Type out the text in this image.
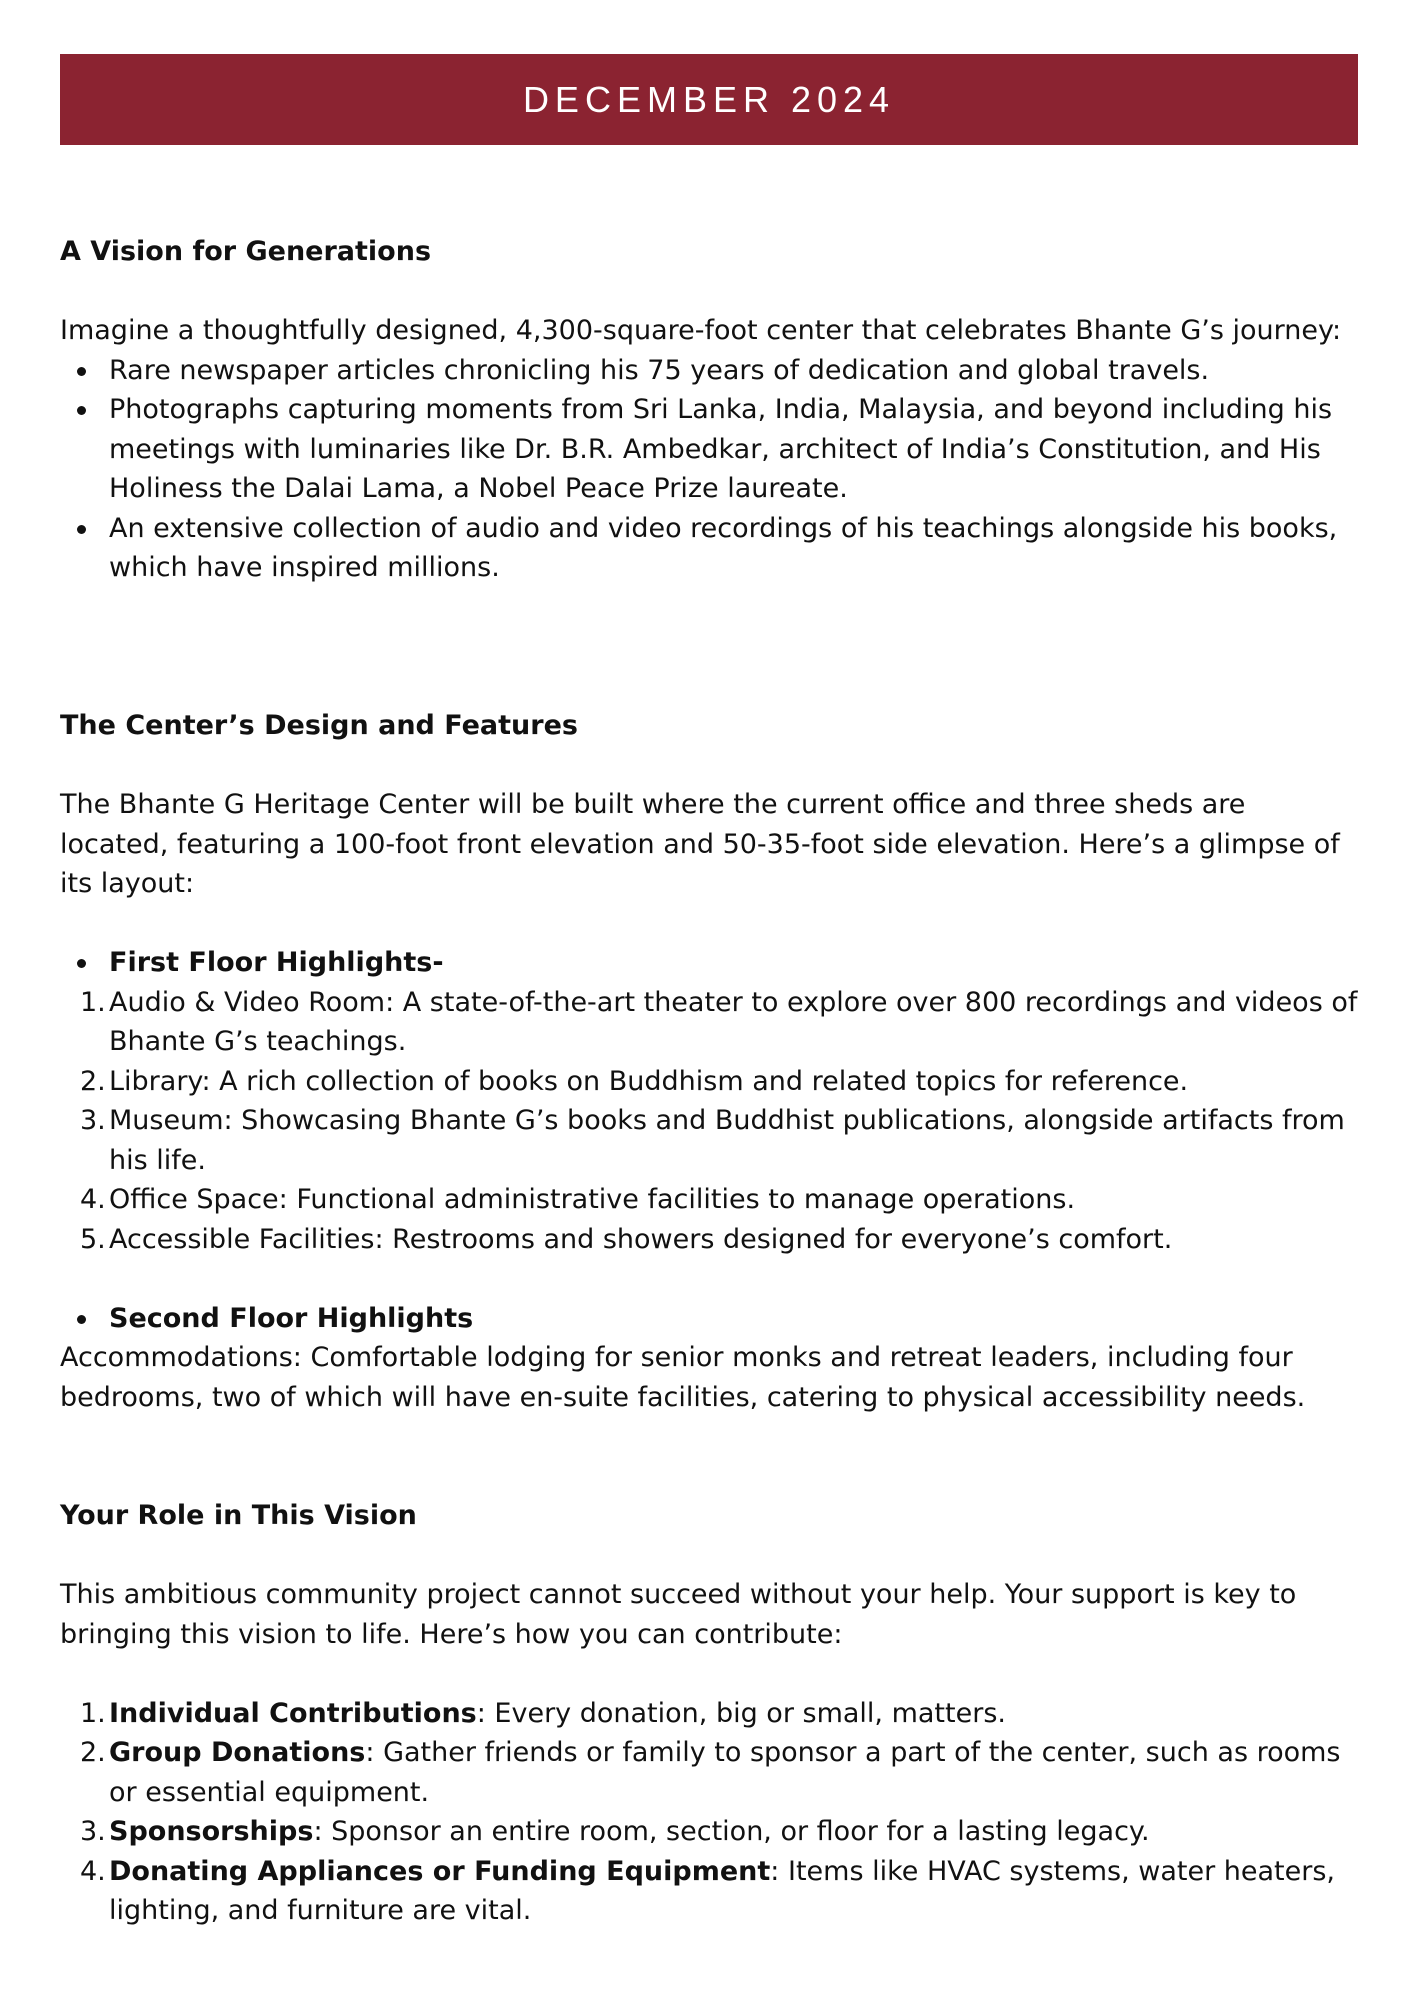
DECEMBER 2024

A Vision for Generations

Imagine a thoughtfully designed, 4,300-square-foot center that celebrates Bhante G’s journey:

Rare newspaper articles chronicling his 75 years of dedication and global travels.
Photographs capturing moments from Sri Lanka, India, Malaysia, and beyond including his meetings with luminaries like Dr. B.R. Ambedkar, architect of India’s Constitution, and His Holiness the Dalai Lama, a Nobel Peace Prize laureate.
An extensive collection of audio and video recordings of his teachings alongside his books, which have inspired millions.

The Center’s Design and Features

The Bhante G Heritage Center will be built where the current office and three sheds are located, featuring a 100-foot front elevation and 50-35-foot side elevation. Here’s a glimpse of its layout:

First Floor Highlights-
1. Audio & Video Room: A state-of-the-art theater to explore over 800 recordings and videos of Bhante G’s teachings.
2. Library: A rich collection of books on Buddhism and related topics for reference.
3. Museum: Showcasing Bhante G’s books and Buddhist publications, alongside artifacts from his life.
4. Office Space: Functional administrative facilities to manage operations.
5. Accessible Facilities: Restrooms and showers designed for everyone’s comfort.
Second Floor Highlights

Accommodations: Comfortable lodging for senior monks and retreat leaders, including four bedrooms, two of which will have en-suite facilities, catering to physical accessibility needs.

Your Role in This Vision

This ambitious community project cannot succeed without your help. Your support is key to bringing this vision to life. Here’s how you can contribute:

1. Individual Contributions: Every donation, big or small, matters.
2. Group Donations: Gather friends or family to sponsor a part of the center, such as rooms or essential equipment.
3. Sponsorships: Sponsor an entire room, section, or floor for a lasting legacy.
4. Donating Appliances or Funding Equipment: Items like HVAC systems, water heaters, lighting, and furniture are vital.
